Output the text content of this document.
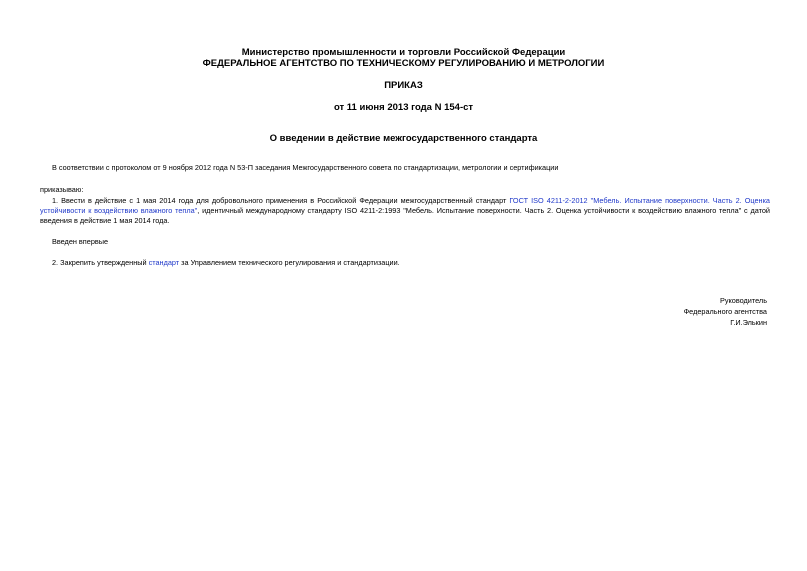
Министерство промышленности и торговли Российской Федерации
ФЕДЕРАЛЬНОЕ АГЕНТСТВО ПО ТЕХНИЧЕСКОМУ РЕГУЛИРОВАНИЮ И МЕТРОЛОГИИ
ПРИКАЗ
от 11 июня 2013 года N 154-ст
О введении в действие межгосударственного стандарта
В соответствии с протоколом от 9 ноября 2012 года N 53-П заседания Межгосударственного совета по стандартизации, метрологии и сертификации
приказываю:
1. Ввести в действие с 1 мая 2014 года для добровольного применения в Российской Федерации межгосударственный стандарт ГОСТ ISO 4211-2-2012 "Мебель. Испытание поверхности. Часть 2. Оценка устойчивости к воздействию влажного тепла", идентичный международному стандарту ISO 4211-2:1993 "Мебель. Испытание поверхности. Часть 2. Оценка устойчивости к воздействию влажного тепла" с датой введения в действие 1 мая 2014 года.
Введен впервые
2. Закрепить утвержденный стандарт за Управлением технического регулирования и стандартизации.
Руководитель
Федерального агентства
Г.И.Элькин
